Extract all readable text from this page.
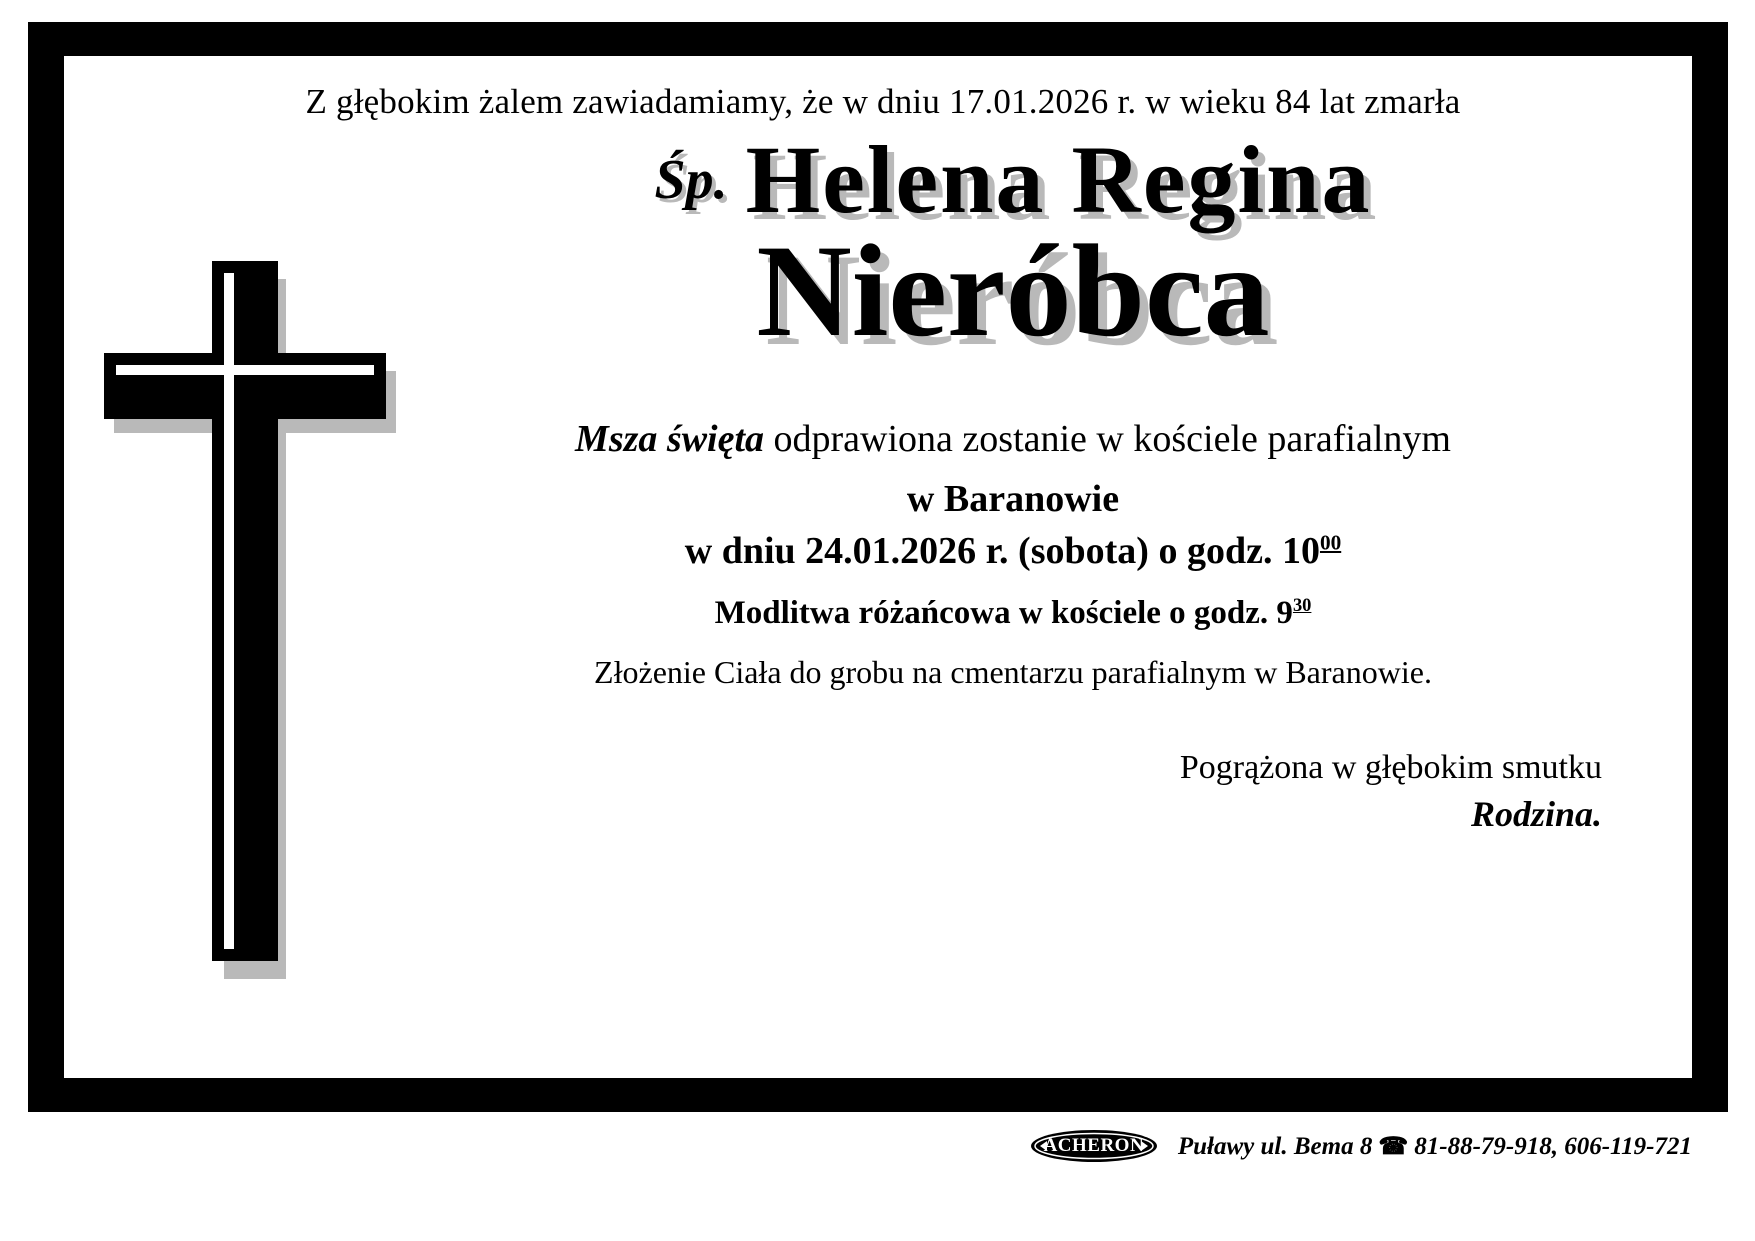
Z głębokim żalem zawiadamiamy, że w dniu 17.01.2026 r. w wieku 84 lat zmarła
Śp. Helena Regina
Nieróbca
Msza święta odprawiona zostanie w kościele parafialnym
w Baranowie
w dniu 24.01.2026 r. (sobota) o godz. $10^{00}$
Modlitwa różańcowa w kościele o godz. $9^{30}$
Złożenie Ciała do grobu na cmentarzu parafialnym w Baranowie.
Pogrążona w głębokim smutku
Rodzina.
ACHERON	Puławy ul. Bema 8 ☎ 81-88-79-918, 606-119-721
